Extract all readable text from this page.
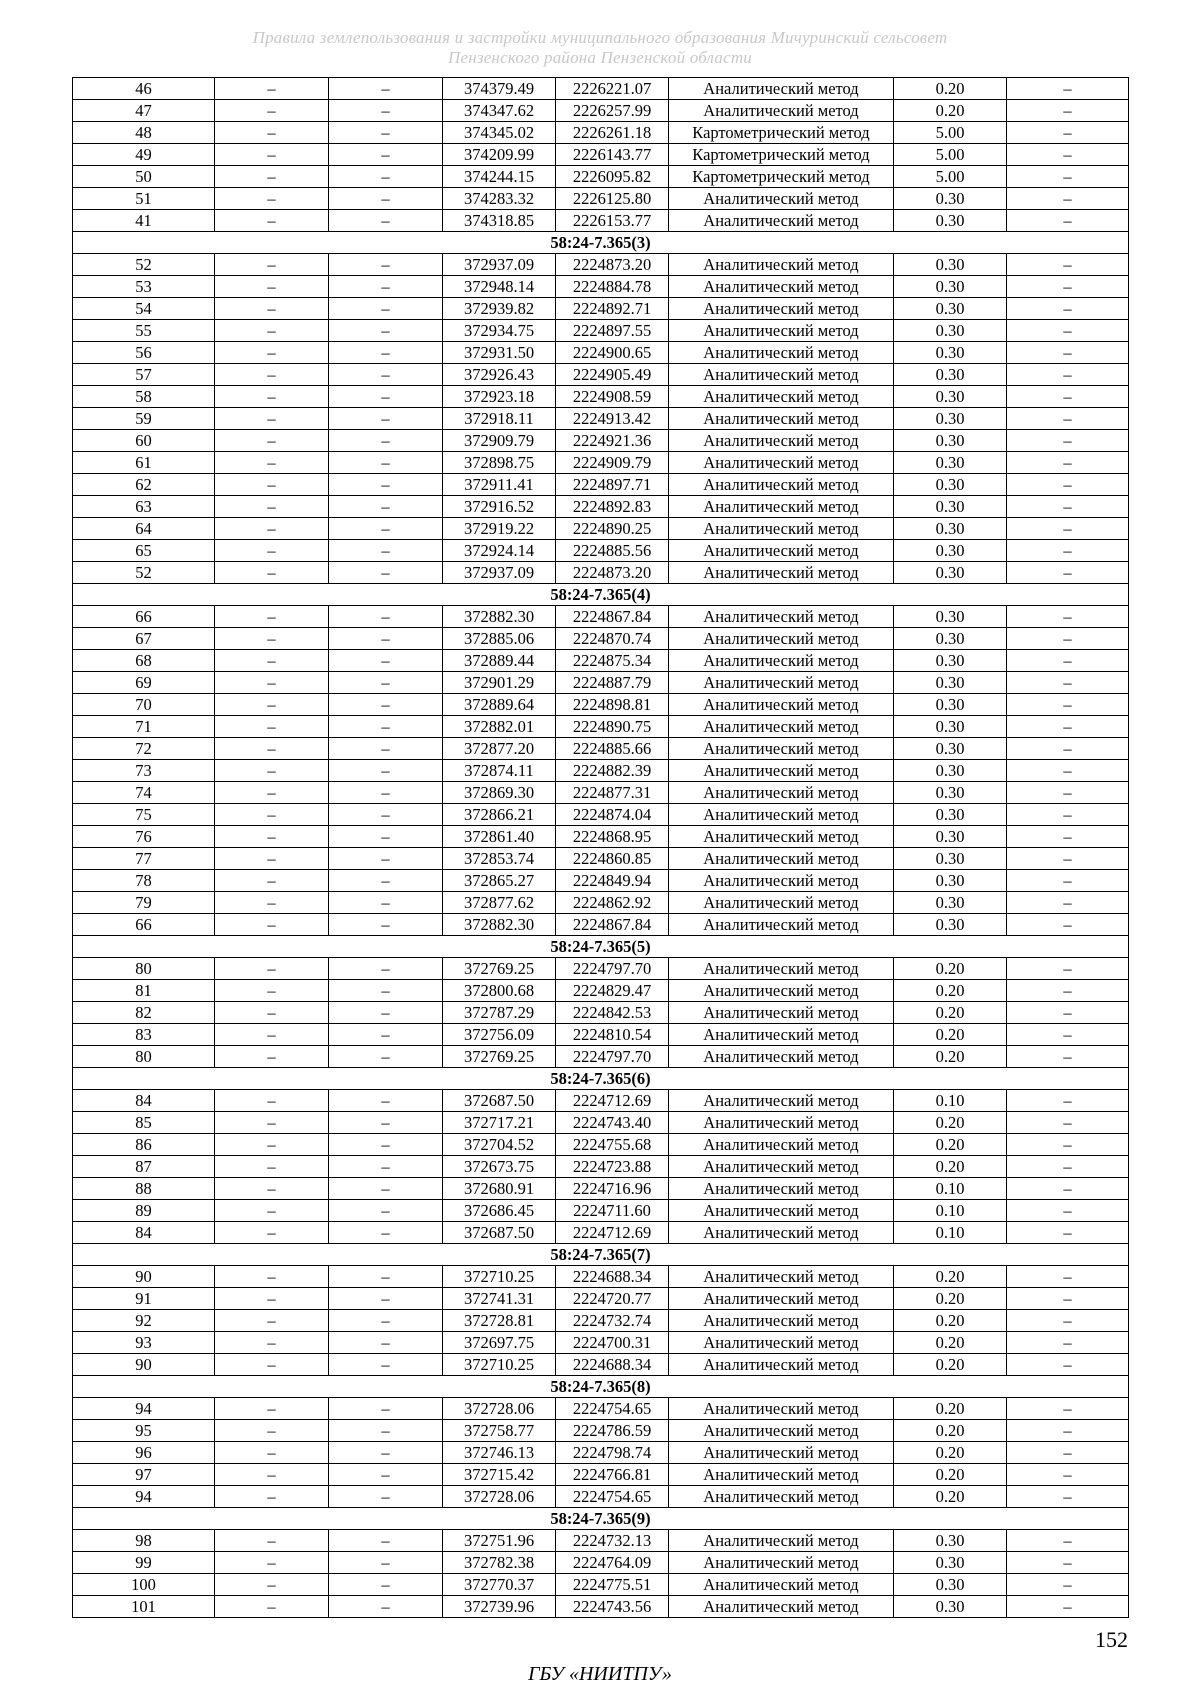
Правила землепользования и застройки муниципального образования Мичуринский сельсовет
Пензенского района Пензенской области
46	–	–	374379.49	2226221.07	Аналитический метод	0.20	–
47	–	–	374347.62	2226257.99	Аналитический метод	0.20	–
48	–	–	374345.02	2226261.18	Картометрический метод	5.00	–
49	–	–	374209.99	2226143.77	Картометрический метод	5.00	–
50	–	–	374244.15	2226095.82	Картометрический метод	5.00	–
51	–	–	374283.32	2226125.80	Аналитический метод	0.30	–
41	–	–	374318.85	2226153.77	Аналитический метод	0.30	–
58:24-7.365(3)							
52	–	–	372937.09	2224873.20	Аналитический метод	0.30	–
53	–	–	372948.14	2224884.78	Аналитический метод	0.30	–
54	–	–	372939.82	2224892.71	Аналитический метод	0.30	–
55	–	–	372934.75	2224897.55	Аналитический метод	0.30	–
56	–	–	372931.50	2224900.65	Аналитический метод	0.30	–
57	–	–	372926.43	2224905.49	Аналитический метод	0.30	–
58	–	–	372923.18	2224908.59	Аналитический метод	0.30	–
59	–	–	372918.11	2224913.42	Аналитический метод	0.30	–
60	–	–	372909.79	2224921.36	Аналитический метод	0.30	–
61	–	–	372898.75	2224909.79	Аналитический метод	0.30	–
62	–	–	372911.41	2224897.71	Аналитический метод	0.30	–
63	–	–	372916.52	2224892.83	Аналитический метод	0.30	–
64	–	–	372919.22	2224890.25	Аналитический метод	0.30	–
65	–	–	372924.14	2224885.56	Аналитический метод	0.30	–
52	–	–	372937.09	2224873.20	Аналитический метод	0.30	–
58:24-7.365(4)							
66	–	–	372882.30	2224867.84	Аналитический метод	0.30	–
67	–	–	372885.06	2224870.74	Аналитический метод	0.30	–
68	–	–	372889.44	2224875.34	Аналитический метод	0.30	–
69	–	–	372901.29	2224887.79	Аналитический метод	0.30	–
70	–	–	372889.64	2224898.81	Аналитический метод	0.30	–
71	–	–	372882.01	2224890.75	Аналитический метод	0.30	–
72	–	–	372877.20	2224885.66	Аналитический метод	0.30	–
73	–	–	372874.11	2224882.39	Аналитический метод	0.30	–
74	–	–	372869.30	2224877.31	Аналитический метод	0.30	–
75	–	–	372866.21	2224874.04	Аналитический метод	0.30	–
76	–	–	372861.40	2224868.95	Аналитический метод	0.30	–
77	–	–	372853.74	2224860.85	Аналитический метод	0.30	–
78	–	–	372865.27	2224849.94	Аналитический метод	0.30	–
79	–	–	372877.62	2224862.92	Аналитический метод	0.30	–
66	–	–	372882.30	2224867.84	Аналитический метод	0.30	–
58:24-7.365(5)							
80	–	–	372769.25	2224797.70	Аналитический метод	0.20	–
81	–	–	372800.68	2224829.47	Аналитический метод	0.20	–
82	–	–	372787.29	2224842.53	Аналитический метод	0.20	–
83	–	–	372756.09	2224810.54	Аналитический метод	0.20	–
80	–	–	372769.25	2224797.70	Аналитический метод	0.20	–
58:24-7.365(6)							
84	–	–	372687.50	2224712.69	Аналитический метод	0.10	–
85	–	–	372717.21	2224743.40	Аналитический метод	0.20	–
86	–	–	372704.52	2224755.68	Аналитический метод	0.20	–
87	–	–	372673.75	2224723.88	Аналитический метод	0.20	–
88	–	–	372680.91	2224716.96	Аналитический метод	0.10	–
89	–	–	372686.45	2224711.60	Аналитический метод	0.10	–
84	–	–	372687.50	2224712.69	Аналитический метод	0.10	–
58:24-7.365(7)							
90	–	–	372710.25	2224688.34	Аналитический метод	0.20	–
91	–	–	372741.31	2224720.77	Аналитический метод	0.20	–
92	–	–	372728.81	2224732.74	Аналитический метод	0.20	–
93	–	–	372697.75	2224700.31	Аналитический метод	0.20	–
90	–	–	372710.25	2224688.34	Аналитический метод	0.20	–
58:24-7.365(8)							
94	–	–	372728.06	2224754.65	Аналитический метод	0.20	–
95	–	–	372758.77	2224786.59	Аналитический метод	0.20	–
96	–	–	372746.13	2224798.74	Аналитический метод	0.20	–
97	–	–	372715.42	2224766.81	Аналитический метод	0.20	–
94	–	–	372728.06	2224754.65	Аналитический метод	0.20	–
58:24-7.365(9)							
98	–	–	372751.96	2224732.13	Аналитический метод	0.30	–
99	–	–	372782.38	2224764.09	Аналитический метод	0.30	–
100	–	–	372770.37	2224775.51	Аналитический метод	0.30	–
101	–	–	372739.96	2224743.56	Аналитический метод	0.30	–
152
ГБУ «НИИТПУ»
